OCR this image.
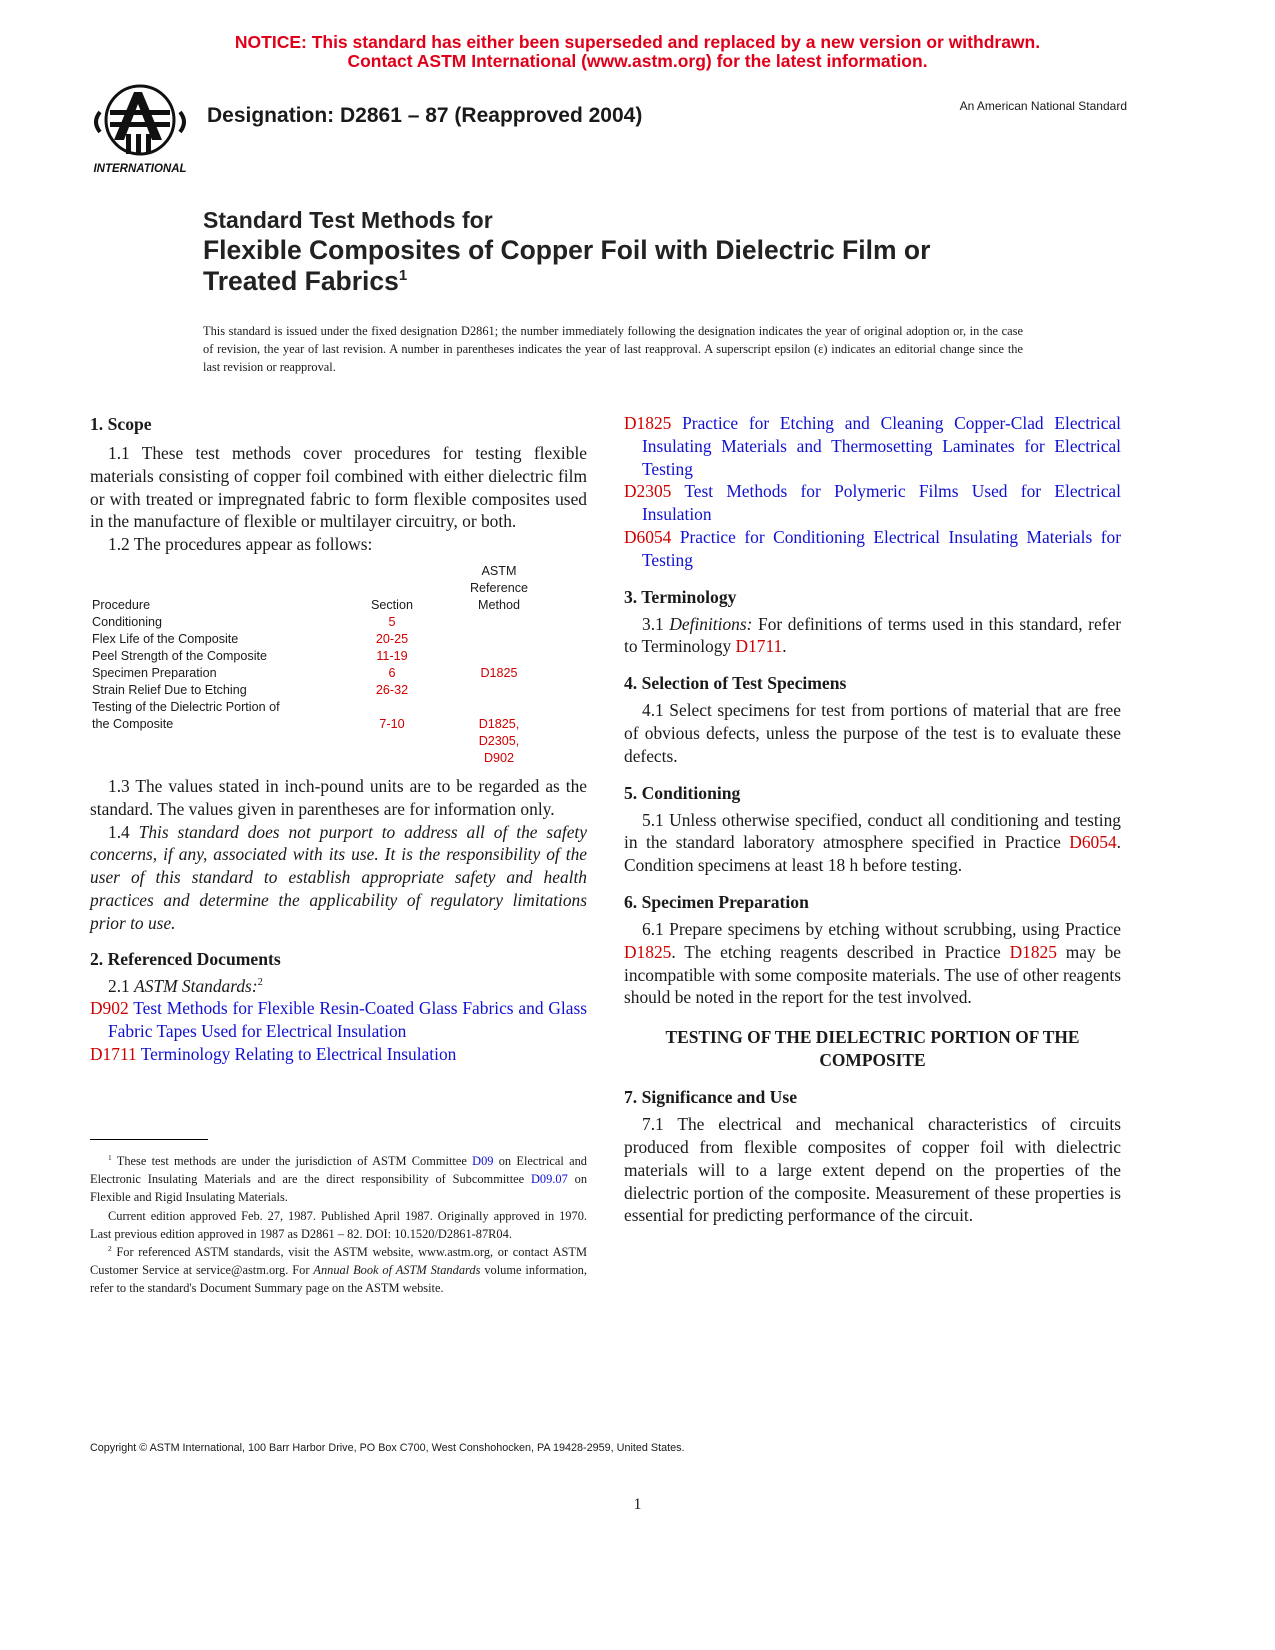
NOTICE: This standard has either been superseded and replaced by a new version or withdrawn.
Contact ASTM International (www.astm.org) for the latest information.
INTERNATIONAL
Designation: D2861 – 87 (Reapproved 2004)	An American National Standard
Standard Test Methods for
Flexible Composites of Copper Foil with Dielectric Film or
Treated Fabrics$^1$
This standard is issued under the fixed designation D2861; the number immediately following the designation indicates the year of original adoption or, in the case of revision, the year of last revision. A number in parentheses indicates the year of last reapproval. A superscript epsilon (ε) indicates an editorial change since the last revision or reapproval.
1. Scope

1.1 These test methods cover procedures for testing flexible materials consisting of copper foil combined with either dielectric film or with treated or impregnated fabric to form flexible composites used in the manufacture of flexible or multilayer circuitry, or both.

1.2 The procedures appear as follows:

		ASTM
		Reference
Procedure	Section	Method
Conditioning	5	
Flex Life of the Composite	20-25	
Peel Strength of the Composite	11-19	
Specimen Preparation	6	D1825
Strain Relief Due to Etching	26-32	
Testing of the Dielectric Portion of		
the Composite	7-10	D1825,
		D2305,
		D902

1.3 The values stated in inch-pound units are to be regarded as the standard. The values given in parentheses are for information only.

1.4 This standard does not purport to address all of the safety concerns, if any, associated with its use. It is the responsibility of the user of this standard to establish appropriate safety and health practices and determine the applicability of regulatory limitations prior to use.

2. Referenced Documents

2.1 ASTM Standards:$^2$

D902 Test Methods for Flexible Resin-Coated Glass Fabrics and Glass Fabric Tapes Used for Electrical Insulation

D1711 Terminology Relating to Electrical Insulation

$^1$ These test methods are under the jurisdiction of ASTM Committee D09 on Electrical and Electronic Insulating Materials and are the direct responsibility of Subcommittee D09.07 on Flexible and Rigid Insulating Materials.

Current edition approved Feb. 27, 1987. Published April 1987. Originally approved in 1970. Last previous edition approved in 1987 as D2861 – 82. DOI: 10.1520/D2861-87R04.

$^2$ For referenced ASTM standards, visit the ASTM website, www.astm.org, or contact ASTM Customer Service at service@astm.org. For Annual Book of ASTM Standards volume information, refer to the standard's Document Summary page on the ASTM website.

D1825 Practice for Etching and Cleaning Copper-Clad Electrical Insulating Materials and Thermosetting Laminates for Electrical Testing

D2305 Test Methods for Polymeric Films Used for Electrical Insulation

D6054 Practice for Conditioning Electrical Insulating Materials for Testing

3. Terminology

3.1 Definitions: For definitions of terms used in this standard, refer to Terminology D1711.

4. Selection of Test Specimens

4.1 Select specimens for test from portions of material that are free of obvious defects, unless the purpose of the test is to evaluate these defects.

5. Conditioning

5.1 Unless otherwise specified, conduct all conditioning and testing in the standard laboratory atmosphere specified in Practice D6054. Condition specimens at least 18 h before testing.

6. Specimen Preparation

6.1 Prepare specimens by etching without scrubbing, using Practice D1825. The etching reagents described in Practice D1825 may be incompatible with some composite materials. The use of other reagents should be noted in the report for the test involved.

TESTING OF THE DIELECTRIC PORTION OF THE COMPOSITE
7. Significance and Use

7.1 The electrical and mechanical characteristics of circuits produced from flexible composites of copper foil with dielectric materials will to a large extent depend on the properties of the dielectric portion of the composite. Measurement of these properties is essential for predicting performance of the circuit.

Copyright © ASTM International, 100 Barr Harbor Drive, PO Box C700, West Conshohocken, PA 19428-2959, United States.
1
